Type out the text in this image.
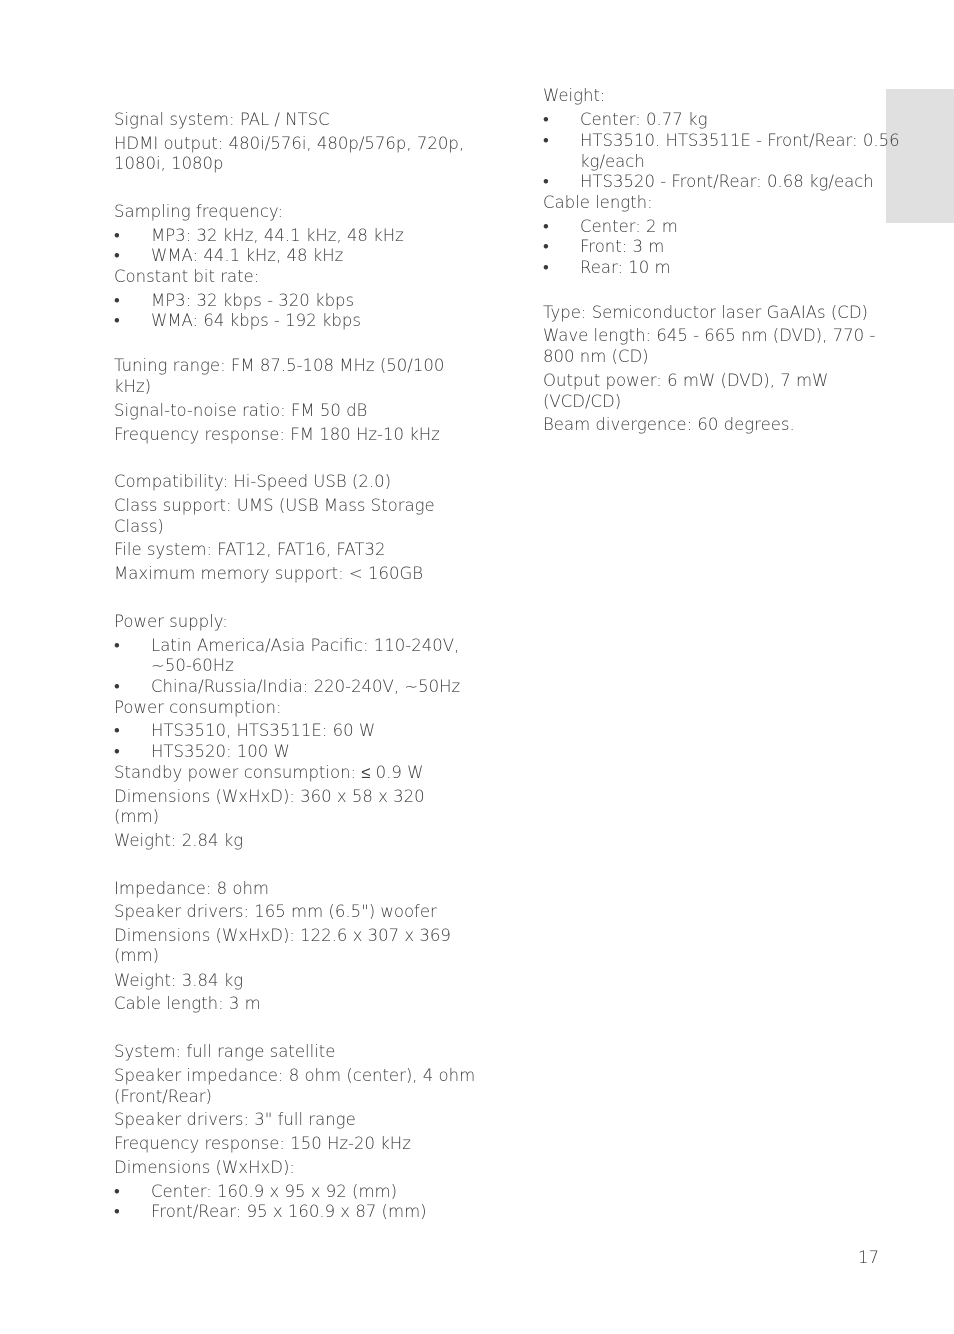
Signal system: PAL / NTSC
HDMI output: 480i/576i, 480p/576p, 720p,
1080i, 1080p
Sampling frequency:
• MP3: 32 kHz, 44.1 kHz, 48 kHz
• WMA: 44.1 kHz, 48 kHz
Constant bit rate:
• MP3: 32 kbps - 320 kbps
• WMA: 64 kbps - 192 kbps
Tuning range: FM 87.5-108 MHz (50/100
kHz)
Signal-to-noise ratio: FM 50 dB
Frequency response: FM 180 Hz-10 kHz
Compatibility: Hi-Speed USB (2.0)
Class support: UMS (USB Mass Storage
Class)
File system: FAT12, FAT16, FAT32
Maximum memory support: < 160GB
Power supply:
• Latin America/Asia Pacific: 110-240V,
~50-60Hz
• China/Russia/India: 220-240V, ~50Hz
Power consumption:
• HTS3510, HTS3511E: 60 W
• HTS3520: 100 W
Standby power consumption: ≤ 0.9 W
Dimensions (WxHxD): 360 x 58 x 320
(mm)
Weight: 2.84 kg
Impedance: 8 ohm
Speaker drivers: 165 mm (6.5") woofer
Dimensions (WxHxD): 122.6 x 307 x 369
(mm)
Weight: 3.84 kg
Cable length: 3 m
System: full range satellite
Speaker impedance: 8 ohm (center), 4 ohm
(Front/Rear)
Speaker drivers: 3" full range
Frequency response: 150 Hz-20 kHz
Dimensions (WxHxD):
• Center: 160.9 x 95 x 92 (mm)
• Front/Rear: 95 x 160.9 x 87 (mm)
Weight:
• Center: 0.77 kg
• HTS3510. HTS3511E - Front/Rear: 0.56
kg/each
• HTS3520 - Front/Rear: 0.68 kg/each
Cable length:
• Center: 2 m
• Front: 3 m
• Rear: 10 m
Type: Semiconductor laser GaAIAs (CD)
Wave length: 645 - 665 nm (DVD), 770 -
800 nm (CD)
Output power: 6 mW (DVD), 7 mW
(VCD/CD)
Beam divergence: 60 degrees.
17
